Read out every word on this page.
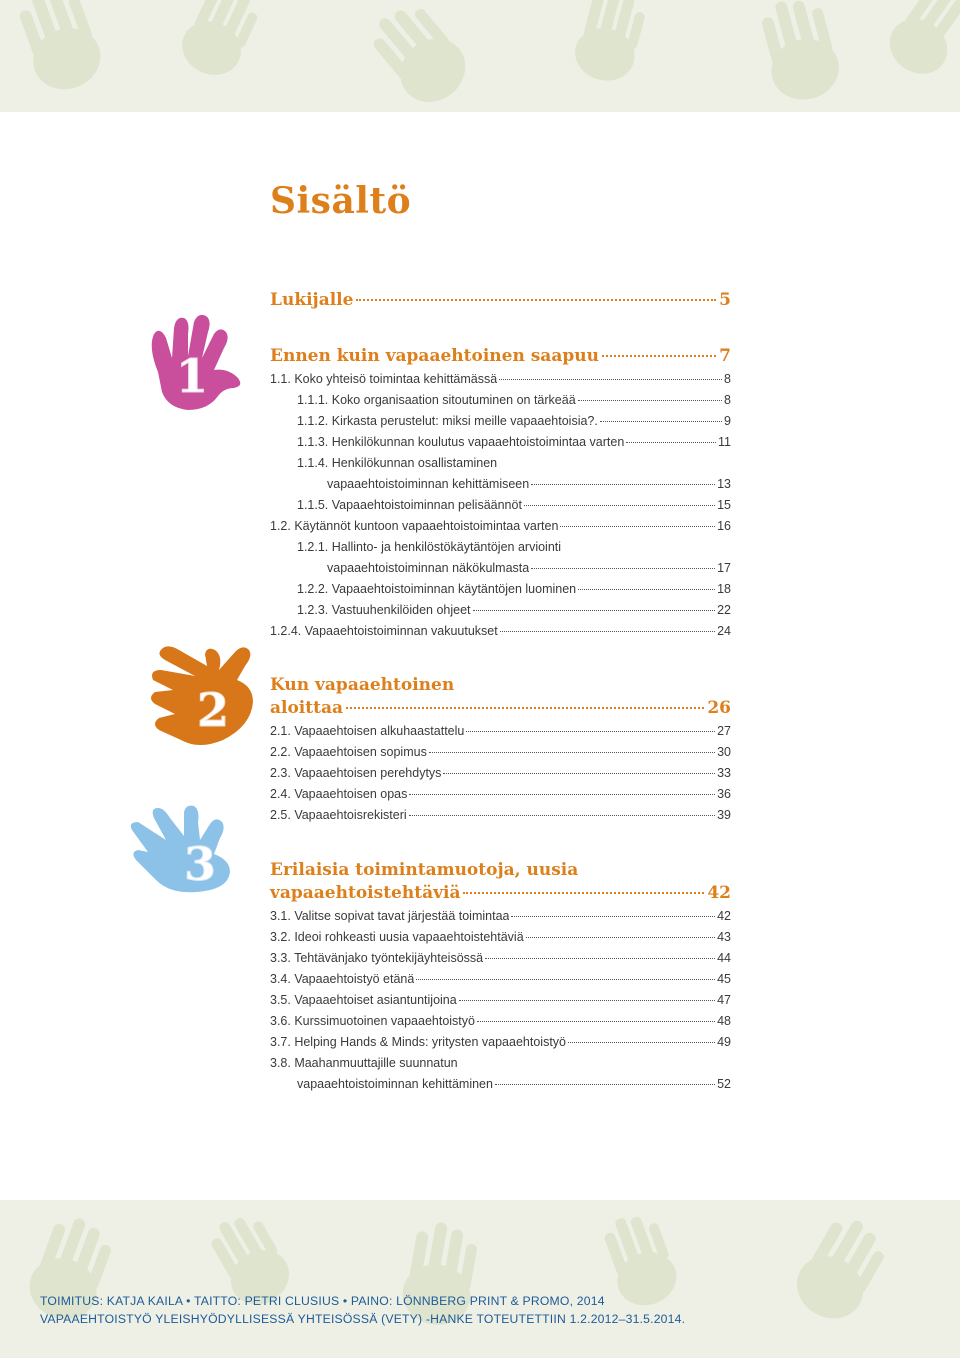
Sisältö
1
2
3
Lukijalle	5
Ennen kuin vapaaehtoinen saapuu	7
1.1. Koko yhteisö toimintaa kehittämässä	8
1.1.1. Koko organisaation sitoutuminen on tärkeää	8
1.1.2. Kirkasta perustelut: miksi meille vapaaehtoisia?.	9
1.1.3. Henkilökunnan koulutus vapaaehtoistoimintaa varten	11
1.1.4. Henkilökunnan osallistaminen
vapaaehtoistoiminnan kehittämiseen	13
1.1.5. Vapaaehtoistoiminnan pelisäännöt	15
1.2. Käytännöt kuntoon vapaaehtoistoimintaa varten	16
1.2.1. Hallinto- ja henkilöstökäytäntöjen arviointi
vapaaehtoistoiminnan näkökulmasta	17
1.2.2. Vapaaehtoistoiminnan käytäntöjen luominen	18
1.2.3. Vastuuhenkilöiden ohjeet	22
1.2.4. Vapaaehtoistoiminnan vakuutukset	24
Kun vapaaehtoinen
aloittaa	26
2.1. Vapaaehtoisen alkuhaastattelu	27
2.2. Vapaaehtoisen sopimus	30
2.3. Vapaaehtoisen perehdytys	33
2.4. Vapaaehtoisen opas	36
2.5. Vapaaehtoisrekisteri	39
Erilaisia toimintamuotoja, uusia
vapaaehtoistehtäviä	42
3.1. Valitse sopivat tavat järjestää toimintaa	42
3.2. Ideoi rohkeasti uusia vapaaehtoistehtäviä	43
3.3. Tehtävänjako työntekijäyhteisössä	44
3.4. Vapaaehtoistyö etänä	45
3.5. Vapaaehtoiset asiantuntijoina	47
3.6. Kurssimuotoinen vapaaehtoistyö	48
3.7. Helping Hands & Minds: yritysten vapaaehtoistyö	49
3.8. Maahanmuuttajille suunnatun
vapaaehtoistoiminnan kehittäminen	52
TOIMITUS: KATJA KAILA • TAITTO: PETRI CLUSIUS • PAINO: LÖNNBERG PRINT & PROMO, 2014
VAPAAEHTOISTYÖ YLEISHYÖDYLLISESSÄ YHTEISÖSSÄ (VETY) -HANKE TOTEUTETTIIN 1.2.2012–31.5.2014.
